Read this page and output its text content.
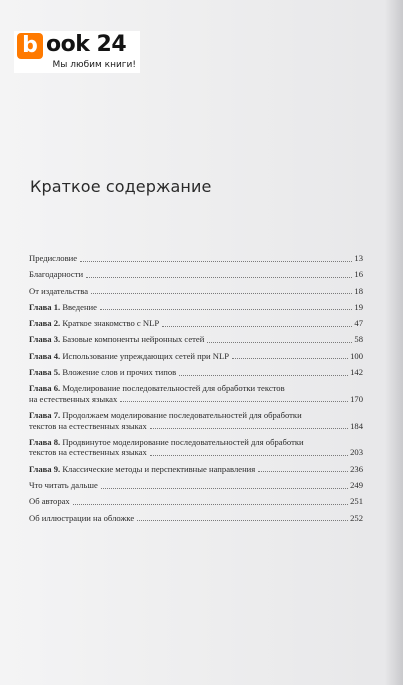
b ook 24
Мы любим книги!
Краткое содержание
Предисловие	13
Благодарности	16
От издательства	18
Глава 1. Введение	19
Глава 2. Краткое знакомство с NLP	47
Глава 3. Базовые компоненты нейронных сетей	58
Глава 4. Использование упреждающих сетей при NLP	100
Глава 5. Вложение слов и прочих типов	142
Глава 6. Моделирование последовательностей для обработки текстов
на естественных языках	170
Глава 7. Продолжаем моделирование последовательностей для обработки
текстов на естественных языках	184
Глава 8. Продвинутое моделирование последовательностей для обработки
текстов на естественных языках	203
Глава 9. Классические методы и перспективные направления	236
Что читать дальше	249
Об авторах	251
Об иллюстрации на обложке	252
